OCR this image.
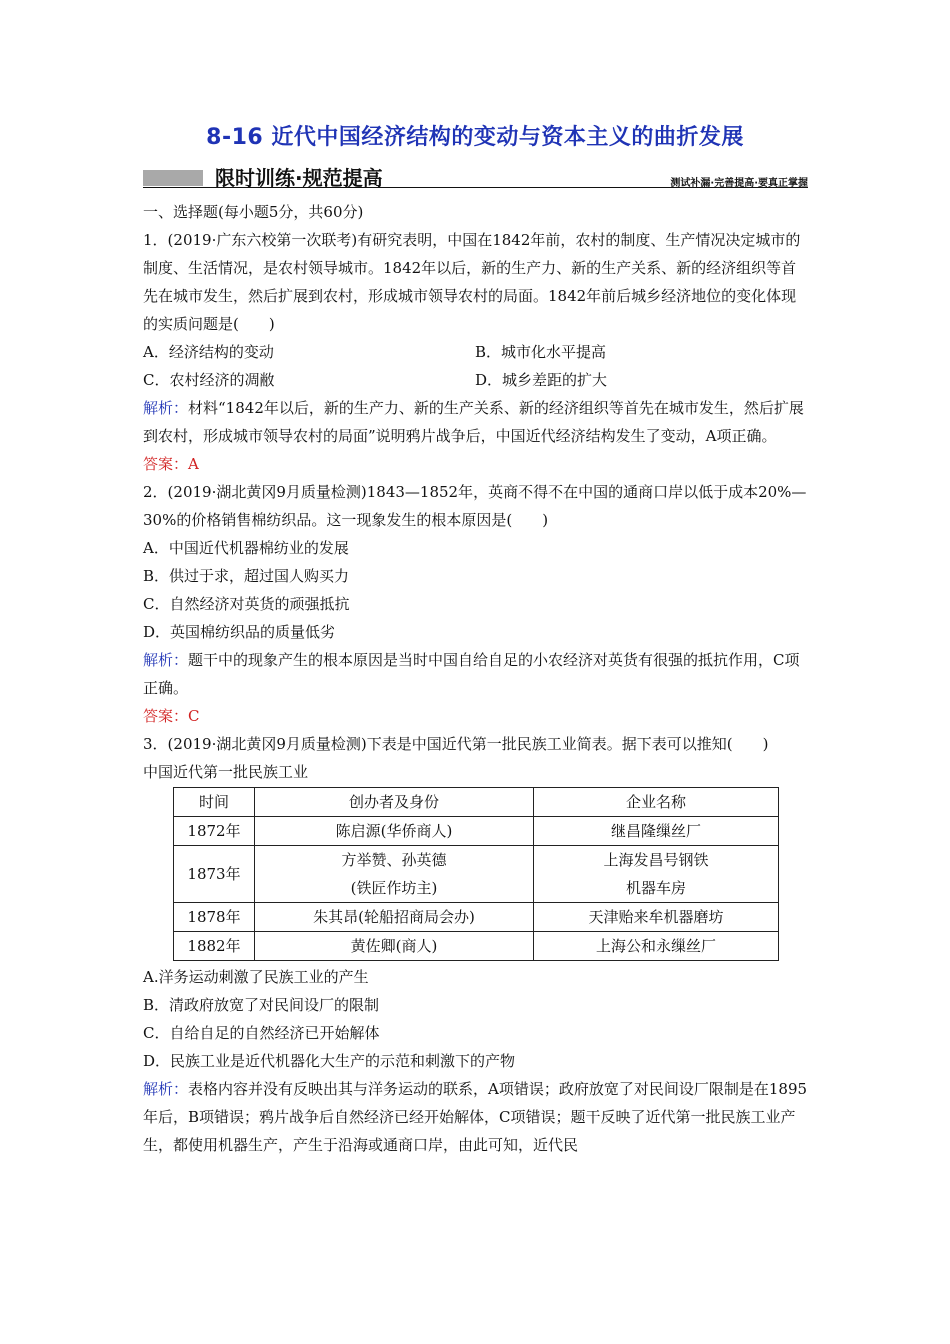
8-16 近代中国经济结构的变动与资本主义的曲折发展
限时训练·规范提高	测试补漏·完善提高·要真正掌握

一、选择题(每小题5分，共60分)

1．(2019·广东六校第一次联考)有研究表明，中国在1842年前，农村的制度、生产情况决定城市的制度、生活情况，是农村领导城市。1842年以后，新的生产力、新的生产关系、新的经济组织等首先在城市发生，然后扩展到农村，形成城市领导农村的局面。1842年前后城乡经济地位的变化体现的实质问题是(　　)

A．经济结构的变动	B．城市化水平提高
C．农村经济的凋敝	D．城乡差距的扩大

解析：材料“1842年以后，新的生产力、新的生产关系、新的经济组织等首先在城市发生，然后扩展到农村，形成城市领导农村的局面”说明鸦片战争后，中国近代经济结构发生了变动，A项正确。

答案：A

2．(2019·湖北黄冈9月质量检测)1843—1852年，英商不得不在中国的通商口岸以低于成本20%—30%的价格销售棉纺织品。这一现象发生的根本原因是(　　)

A．中国近代机器棉纺业的发展

B．供过于求，超过国人购买力

C．自然经济对英货的顽强抵抗

D．英国棉纺织品的质量低劣

解析：题干中的现象产生的根本原因是当时中国自给自足的小农经济对英货有很强的抵抗作用，C项正确。

答案：C

3．(2019·湖北黄冈9月质量检测)下表是中国近代第一批民族工业简表。据下表可以推知(　　)

中国近代第一批民族工业

时间	创办者及身份	企业名称
1872年	陈启源(华侨商人)	继昌隆缫丝厂
1873年	方举赞、孙英德	上海发昌号钢铁
	(铁匠作坊主)	机器车房
1878年	朱其昂(轮船招商局会办)	天津贻来牟机器磨坊
1882年	黄佐卿(商人)	上海公和永缫丝厂

A.洋务运动刺激了民族工业的产生

B．清政府放宽了对民间设厂的限制

C．自给自足的自然经济已开始解体

D．民族工业是近代机器化大生产的示范和刺激下的产物

解析：表格内容并没有反映出其与洋务运动的联系，A项错误；政府放宽了对民间设厂限制是在1895年后，B项错误；鸦片战争后自然经济已经开始解体，C项错误；题干反映了近代第一批民族工业产生，都使用机器生产，产生于沿海或通商口岸，由此可知，近代民
